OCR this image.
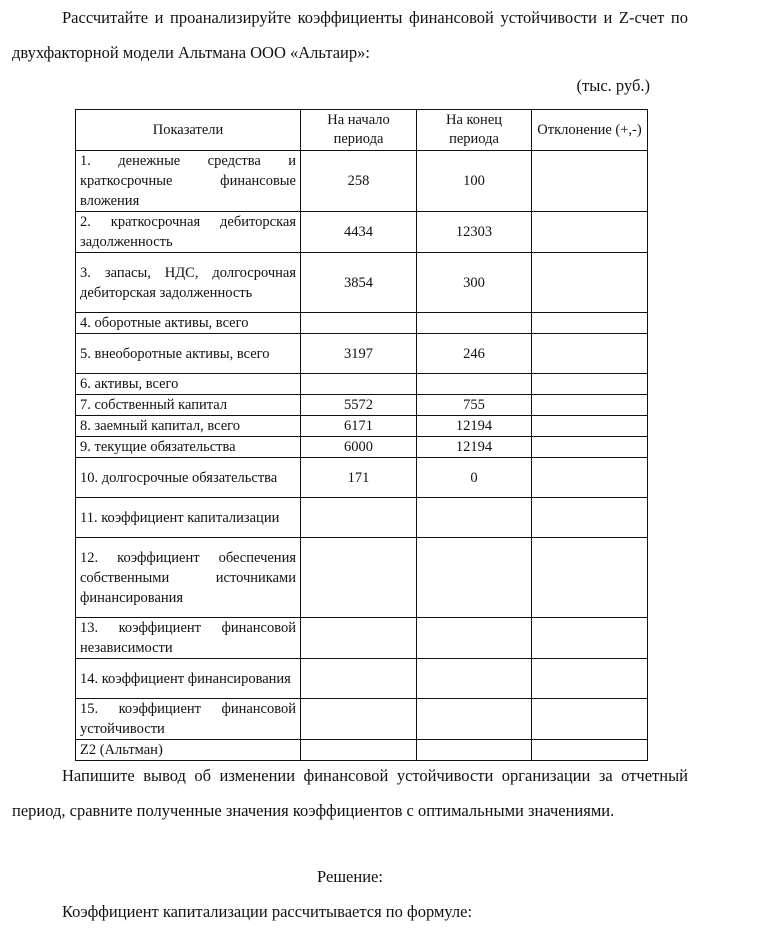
Рассчитайте и проанализируйте коэффициенты финансовой устойчивости и Z-счет по двухфакторной модели Альтмана ООО «Альтаир»:
(тыс. руб.)
Показатели	На начало периода	На конец периода	Отклонение (+,-)
1. денежные средства и краткосрочные финансовые вложения	258	100	
2. краткосрочная дебиторская задолженность	4434	12303	
3. запасы, НДС, долгосрочная дебиторская задолженность	3854	300	
4. оборотные активы, всего			
5. внеоборотные активы, всего	3197	246	
6. активы, всего			
7. собственный капитал	5572	755	
8. заемный капитал, всего	6171	12194	
9. текущие обязательства	6000	12194	
10. долгосрочные обязательства	171	0	
11. коэффициент капитализации			
12. коэффициент обеспечения собственными источниками финансирования			
13. коэффициент финансовой независимости			
14. коэффициент финансирования			
15. коэффициент финансовой устойчивости			
Z2 (Альтман)			
Напишите вывод об изменении финансовой устойчивости организации за отчетный период, сравните полученные значения коэффициентов с оптимальными значениями.
Решение:
Коэффициент капитализации рассчитывается по формуле:
